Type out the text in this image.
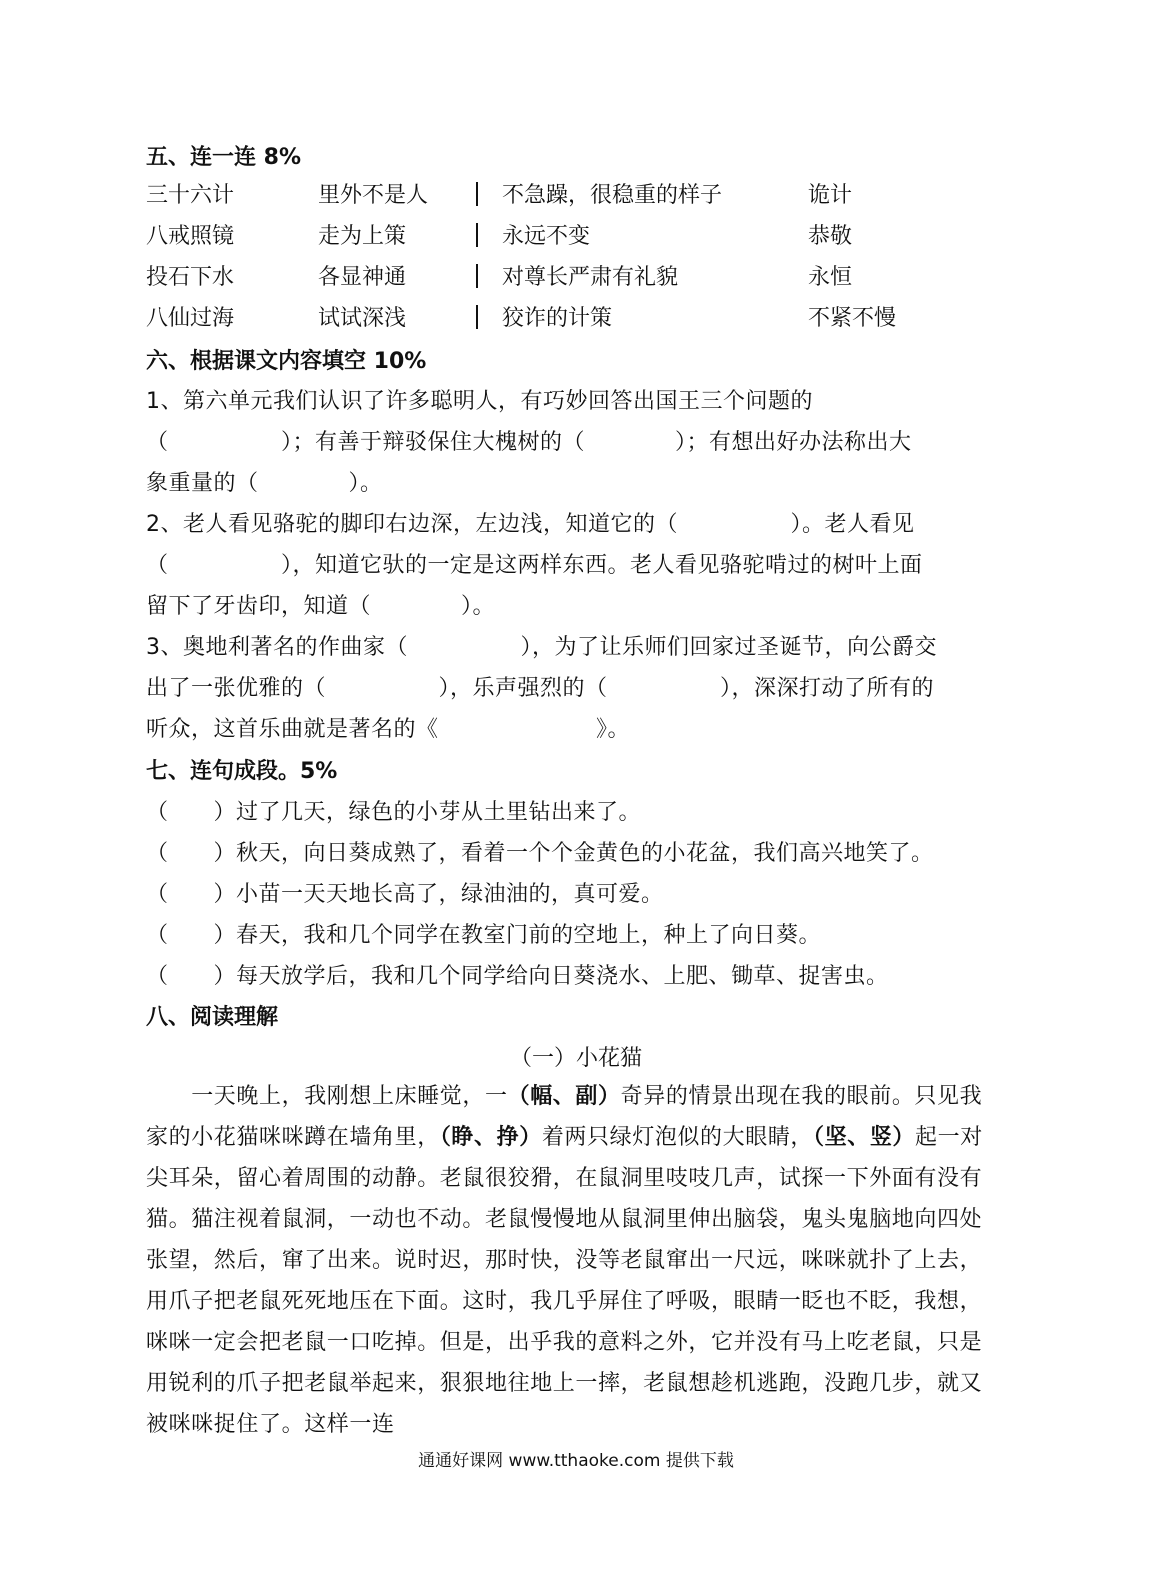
五、连一连 8%
三十六计	里外不是人	不急躁，很稳重的样子	诡计
八戒照镜	走为上策	永远不变	恭敬
投石下水	各显神通	对尊长严肃有礼貌	永恒
八仙过海	试试深浅	狡诈的计策	不紧不慢
六、根据课文内容填空 10%
1、第六单元我们认识了许多聪明人，有巧妙回答出国王三个问题的
（　　　　　）；有善于辩驳保住大槐树的（　　　　）；有想出好办法称出大
象重量的（　　　　）。
2、老人看见骆驼的脚印右边深，左边浅，知道它的（　　　　　）。老人看见
（　　　　　），知道它驮的一定是这两样东西。老人看见骆驼啃过的树叶上面
留下了牙齿印，知道（　　　　）。
3、奥地利著名的作曲家（　　　　　），为了让乐师们回家过圣诞节，向公爵交
出了一张优雅的（　　　　　），乐声强烈的（　　　　　），深深打动了所有的
听众，这首乐曲就是著名的《　　　　　　　》。
七、连句成段。5%
（　　）过了几天，绿色的小芽从土里钻出来了。
（　　）秋天，向日葵成熟了，看着一个个金黄色的小花盆，我们高兴地笑了。
（　　）小苗一天天地长高了，绿油油的，真可爱。
（　　）春天，我和几个同学在教室门前的空地上，种上了向日葵。
（　　）每天放学后，我和几个同学给向日葵浇水、上肥、锄草、捉害虫。
八、阅读理解
（一）小花猫
　　一天晚上，我刚想上床睡觉，一（幅、副）奇异的情景出现在我的眼前。只见我家的小花猫咪咪蹲在墙角里，（睁、挣）着两只绿灯泡似的大眼睛，（坚、竖）起一对尖耳朵，留心着周围的动静。老鼠很狡猾，在鼠洞里吱吱几声，试探一下外面有没有猫。猫注视着鼠洞，一动也不动。老鼠慢慢地从鼠洞里伸出脑袋，鬼头鬼脑地向四处张望，然后，窜了出来。说时迟，那时快，没等老鼠窜出一尺远，咪咪就扑了上去，用爪子把老鼠死死地压在下面。这时，我几乎屏住了呼吸，眼睛一眨也不眨，我想，咪咪一定会把老鼠一口吃掉。但是，出乎我的意料之外，它并没有马上吃老鼠，只是用锐利的爪子把老鼠举起来，狠狠地往地上一摔，老鼠想趁机逃跑，没跑几步，就又被咪咪捉住了。这样一连
通通好课网 www.tthaoke.com 提供下载
